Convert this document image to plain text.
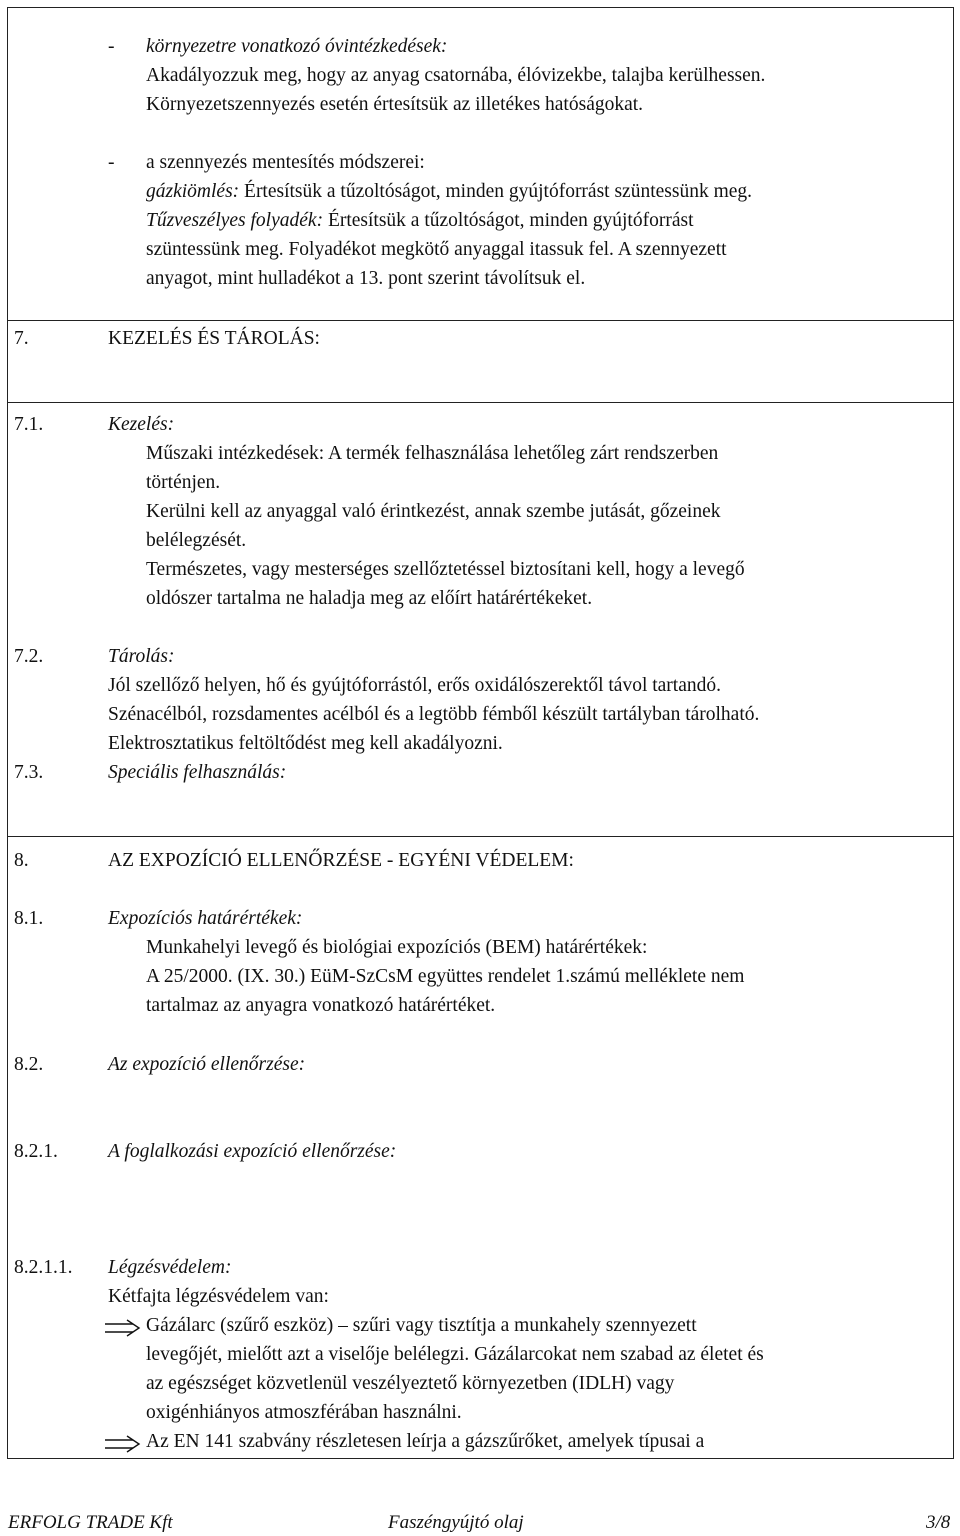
- környezetre vonatkozó óvintézkedések:
Akadályozzuk meg, hogy az anyag csatornába, élóvizekbe, talajba kerülhessen.
Környezetszennyezés esetén értesítsük az illetékes hatóságokat.
- a szennyezés mentesítés módszerei:
gázkiömlés: Értesítsük a tűzoltóságot, minden gyújtóforrást szüntessünk meg.
Tűzveszélyes folyadék: Értesítsük a tűzoltóságot, minden gyújtóforrást
szüntessünk meg. Folyadékot megkötő anyaggal itassuk fel. A szennyezett
anyagot, mint hulladékot a 13. pont szerint távolítsuk el.
7.	KEZELÉS ÉS TÁROLÁS:
7.1.	Kezelés:
Műszaki intézkedések: A termék felhasználása lehetőleg zárt rendszerben
történjen.
Kerülni kell az anyaggal való érintkezést, annak szembe jutását, gőzeinek
belélegzését.
Természetes, vagy mesterséges szellőztetéssel biztosítani kell, hogy a levegő
oldószer tartalma ne haladja meg az előírt határértékeket.
7.2.	Tárolás:
Jól szellőző helyen, hő és gyújtóforrástól, erős oxidálószerektől távol tartandó.
Szénacélból, rozsdamentes acélból és a legtöbb fémből készült tartályban tárolható.
Elektrosztatikus feltöltődést meg kell akadályozni.
7.3.	Speciális felhasználás:
8.	AZ EXPOZÍCIÓ ELLENŐRZÉSE - EGYÉNI VÉDELEM:
8.1.	Expozíciós határértékek:
Munkahelyi levegő és biológiai expozíciós (BEM) határértékek:
A 25/2000. (IX. 30.) EüM-SzCsM együttes rendelet 1.számú melléklete nem
tartalmaz az anyagra vonatkozó határértéket.
8.2.	Az expozíció ellenőrzése:
8.2.1.	A foglalkozási expozíció ellenőrzése:
8.2.1.1. Légzésvédelem:
Kétfajta légzésvédelem van:
Gázálarc (szűrő eszköz) – szűri vagy tisztítja a munkahely szennyezett
levegőjét, mielőtt azt a viselője belélegzi. Gázálarcokat nem szabad az életet és
az egészséget közvetlenül veszélyeztető környezetben (IDLH) vagy
oxigénhiányos atmoszférában használni.
Az EN 141 szabvány részletesen leírja a gázszűrőket, amelyek típusai a
ERFOLG TRADE Kft	Faszéngyújtó olaj	3/8
